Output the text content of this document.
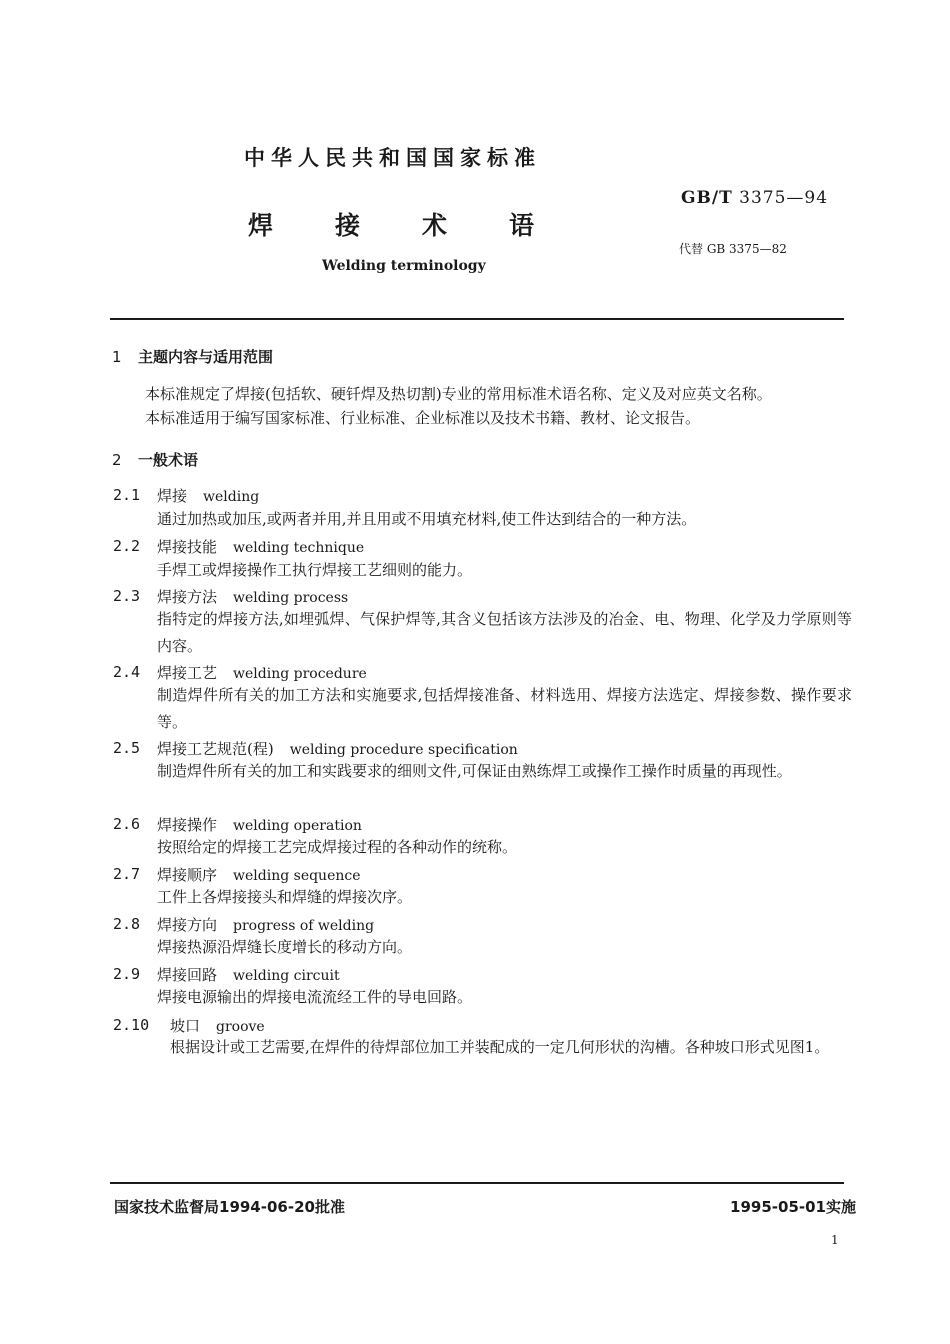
中华人民共和国国家标准
GB/T 3375—94
焊接术语
代替 GB 3375—82
Welding terminology
1 主题内容与适用范围
本标准规定了焊接(包括软、硬钎焊及热切割)专业的常用标准术语名称、定义及对应英文名称。
本标准适用于编写国家标准、行业标准、企业标准以及技术书籍、教材、论文报告。
2 一般术语
2.1 焊接 welding
通过加热或加压,或两者并用,并且用或不用填充材料,使工件达到结合的一种方法。
2.2 焊接技能 welding technique
手焊工或焊接操作工执行焊接工艺细则的能力。
2.3 焊接方法 welding process
指特定的焊接方法,如埋弧焊、气保护焊等,其含义包括该方法涉及的冶金、电、物理、化学及力学原则等内容。
2.4 焊接工艺 welding procedure
制造焊件所有关的加工方法和实施要求,包括焊接准备、材料选用、焊接方法选定、焊接参数、操作要求等。
2.5 焊接工艺规范(程) welding procedure specification
制造焊件所有关的加工和实践要求的细则文件,可保证由熟练焊工或操作工操作时质量的再现性。
2.6 焊接操作 welding operation
按照给定的焊接工艺完成焊接过程的各种动作的统称。
2.7 焊接顺序 welding sequence
工件上各焊接接头和焊缝的焊接次序。
2.8 焊接方向 progress of welding
焊接热源沿焊缝长度增长的移动方向。
2.9 焊接回路 welding circuit
焊接电源输出的焊接电流流经工件的导电回路。
2.10 坡口 groove
根据设计或工艺需要,在焊件的待焊部位加工并装配成的一定几何形状的沟槽。各种坡口形式见图1。
国家技术监督局1994-06-20批准	1995-05-01实施
1
